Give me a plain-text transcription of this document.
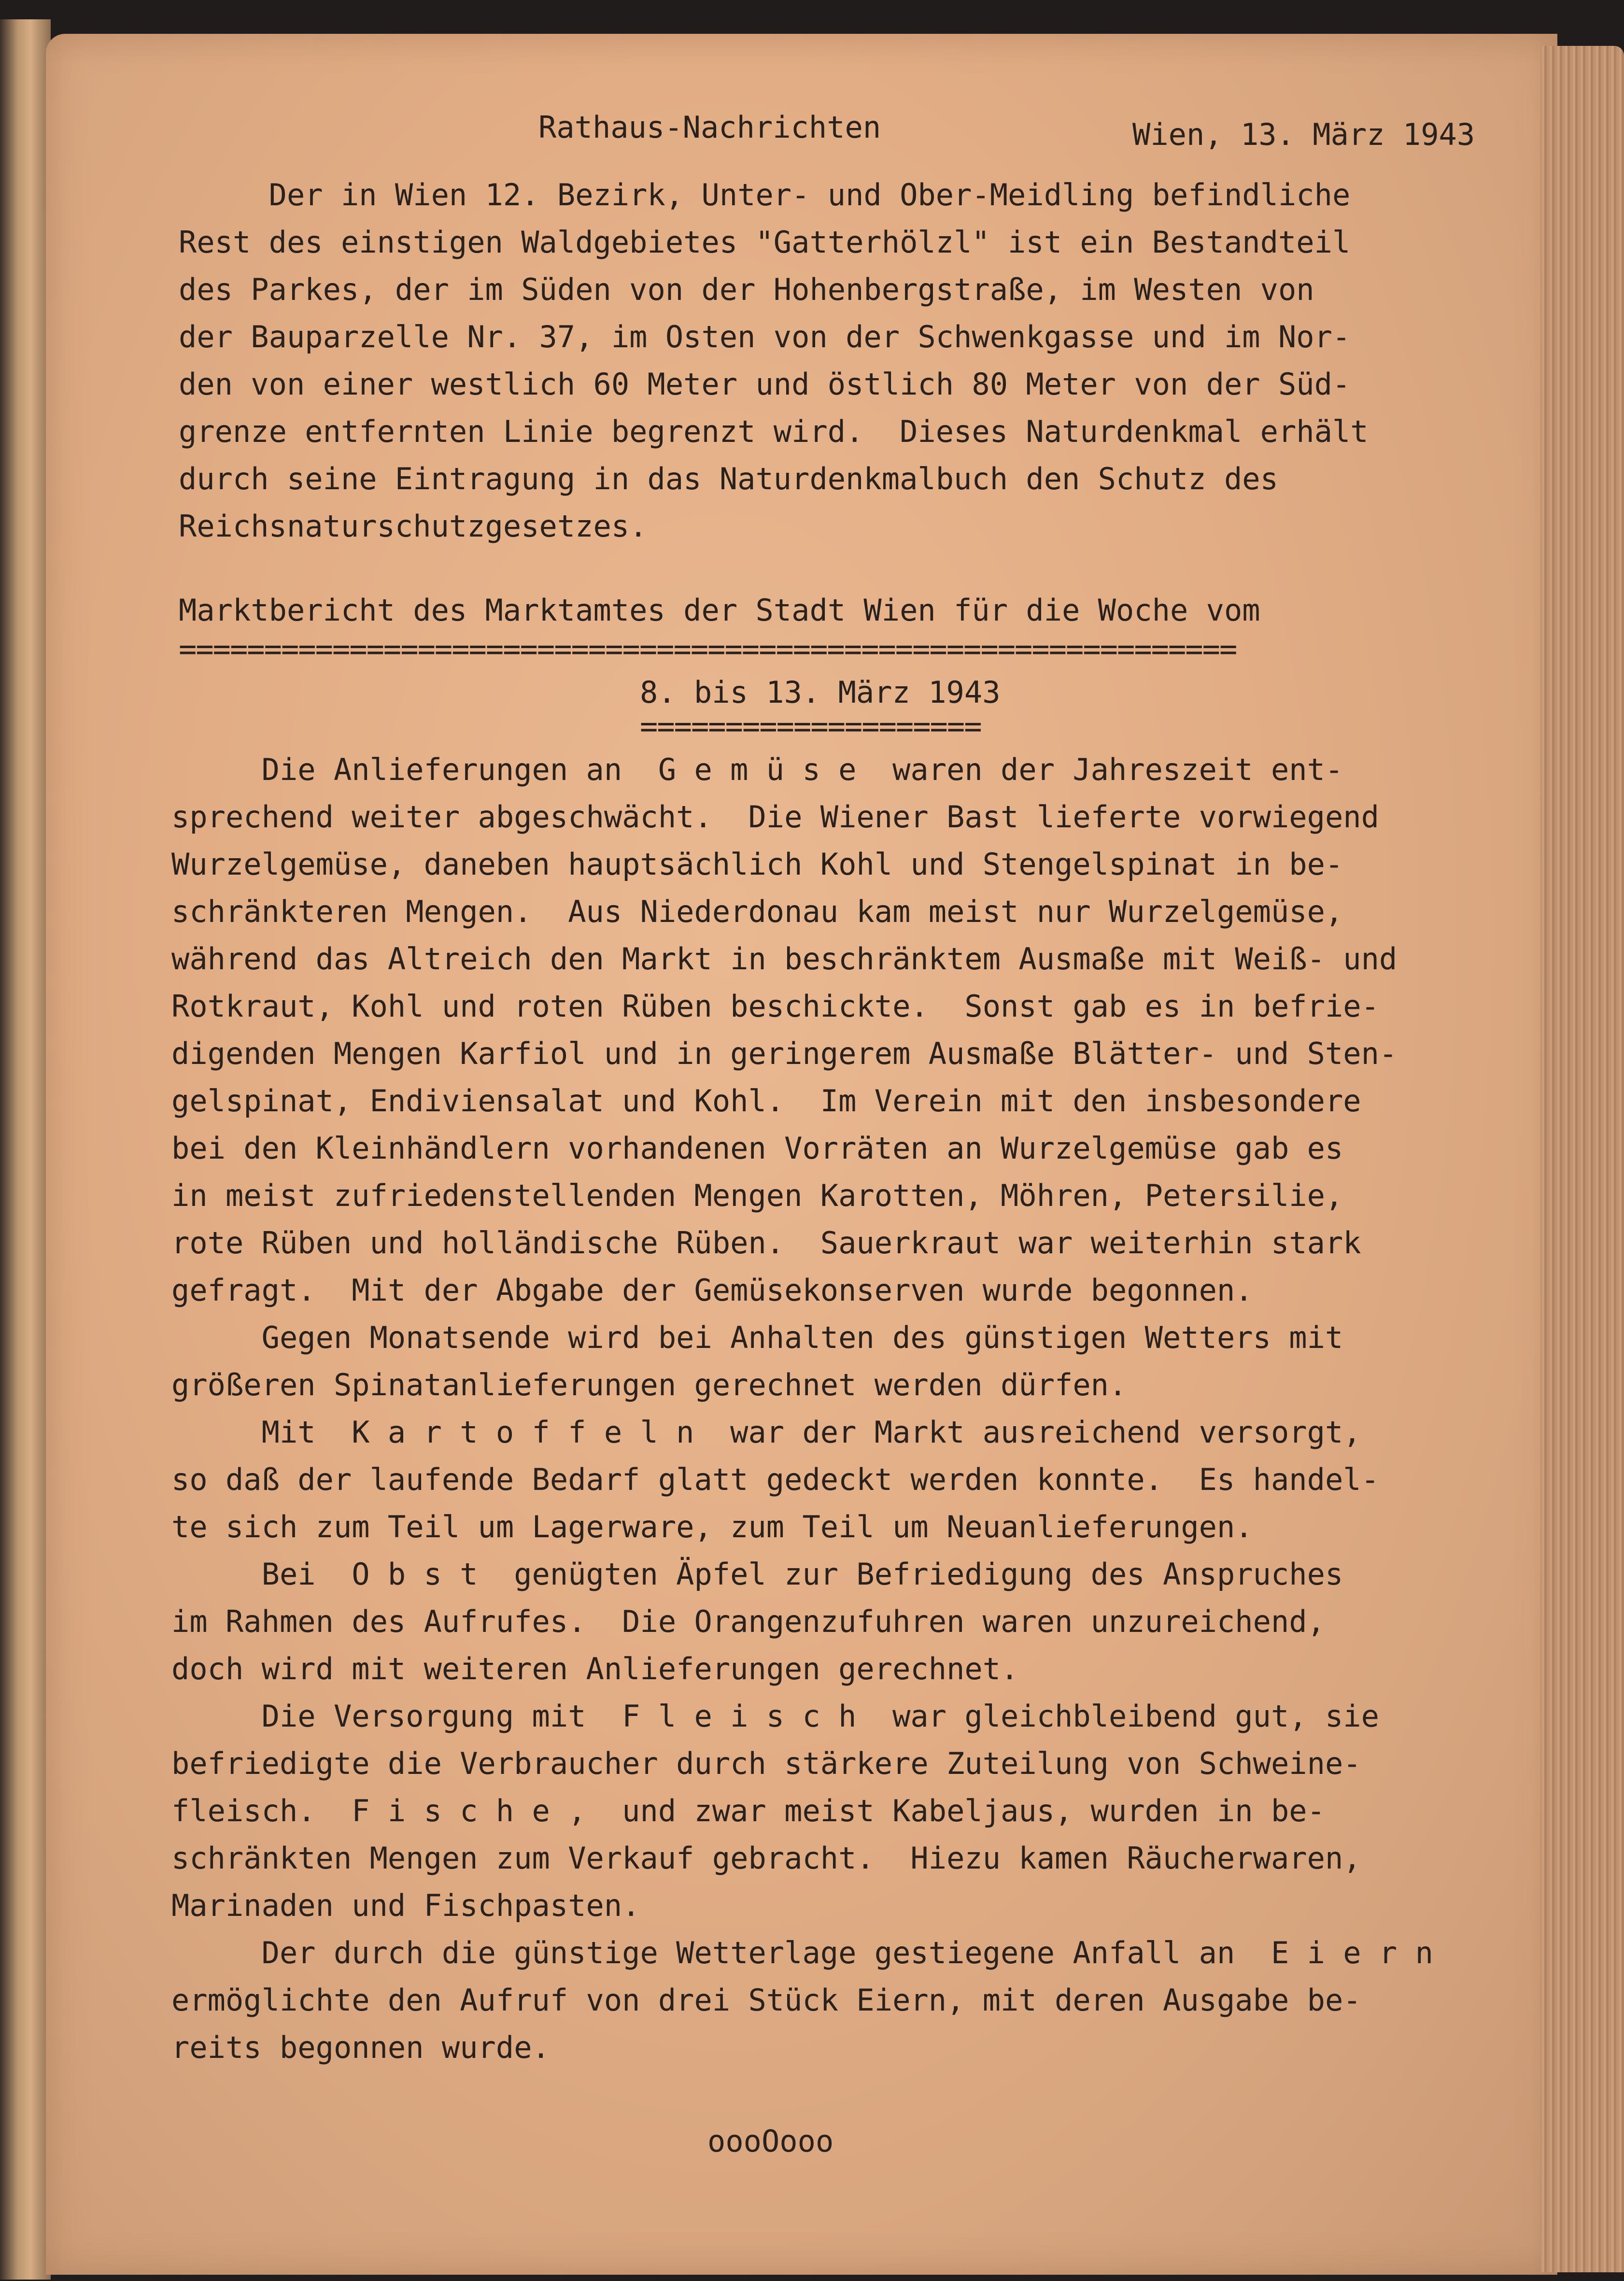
Rathaus-Nachrichten	Wien, 13. März 1943
Der in Wien 12. Bezirk, Unter- und Ober-Meidling befindliche
Rest des einstigen Waldgebietes "Gatterhölzl" ist ein Bestandteil
des Parkes, der im Süden von der Hohenbergstraße, im Westen von
der Bauparzelle Nr. 37, im Osten von der Schwenkgasse und im Nor-
den von einer westlich 60 Meter und östlich 80 Meter von der Süd-
grenze entfernten Linie begrenzt wird.  Dieses Naturdenkmal erhält
durch seine Eintragung in das Naturdenkmalbuch den Schutz des
Reichsnaturschutzgesetzes.
Marktbericht des Marktamtes der Stadt Wien für die Woche vom
==============================================================
8. bis 13. März 1943
====================
Die Anlieferungen an  G e m ü s e  waren der Jahreszeit ent-
sprechend weiter abgeschwächt.  Die Wiener Bast lieferte vorwiegend
Wurzelgemüse, daneben hauptsächlich Kohl und Stengelspinat in be-
schränkteren Mengen.  Aus Niederdonau kam meist nur Wurzelgemüse,
während das Altreich den Markt in beschränktem Ausmaße mit Weiß- und
Rotkraut, Kohl und roten Rüben beschickte.  Sonst gab es in befrie-
digenden Mengen Karfiol und in geringerem Ausmaße Blätter- und Sten-
gelspinat, Endiviensalat und Kohl.  Im Verein mit den insbesondere
bei den Kleinhändlern vorhandenen Vorräten an Wurzelgemüse gab es
in meist zufriedenstellenden Mengen Karotten, Möhren, Petersilie,
rote Rüben und holländische Rüben.  Sauerkraut war weiterhin stark
gefragt.  Mit der Abgabe der Gemüsekonserven wurde begonnen.
Gegen Monatsende wird bei Anhalten des günstigen Wetters mit
größeren Spinatanlieferungen gerechnet werden dürfen.
Mit  K a r t o f f e l n  war der Markt ausreichend versorgt,
so daß der laufende Bedarf glatt gedeckt werden konnte.  Es handel-
te sich zum Teil um Lagerware, zum Teil um Neuanlieferungen.
Bei  O b s t  genügten Äpfel zur Befriedigung des Anspruches
im Rahmen des Aufrufes.  Die Orangenzufuhren waren unzureichend,
doch wird mit weiteren Anlieferungen gerechnet.
Die Versorgung mit  F l e i s c h  war gleichbleibend gut, sie
befriedigte die Verbraucher durch stärkere Zuteilung von Schweine-
fleisch.  F i s c h e ,  und zwar meist Kabeljaus, wurden in be-
schränkten Mengen zum Verkauf gebracht.  Hiezu kamen Räucherwaren,
Marinaden und Fischpasten.
Der durch die günstige Wetterlage gestiegene Anfall an  E i e r n
ermöglichte den Aufruf von drei Stück Eiern, mit deren Ausgabe be-
reits begonnen wurde.
oooOooo
